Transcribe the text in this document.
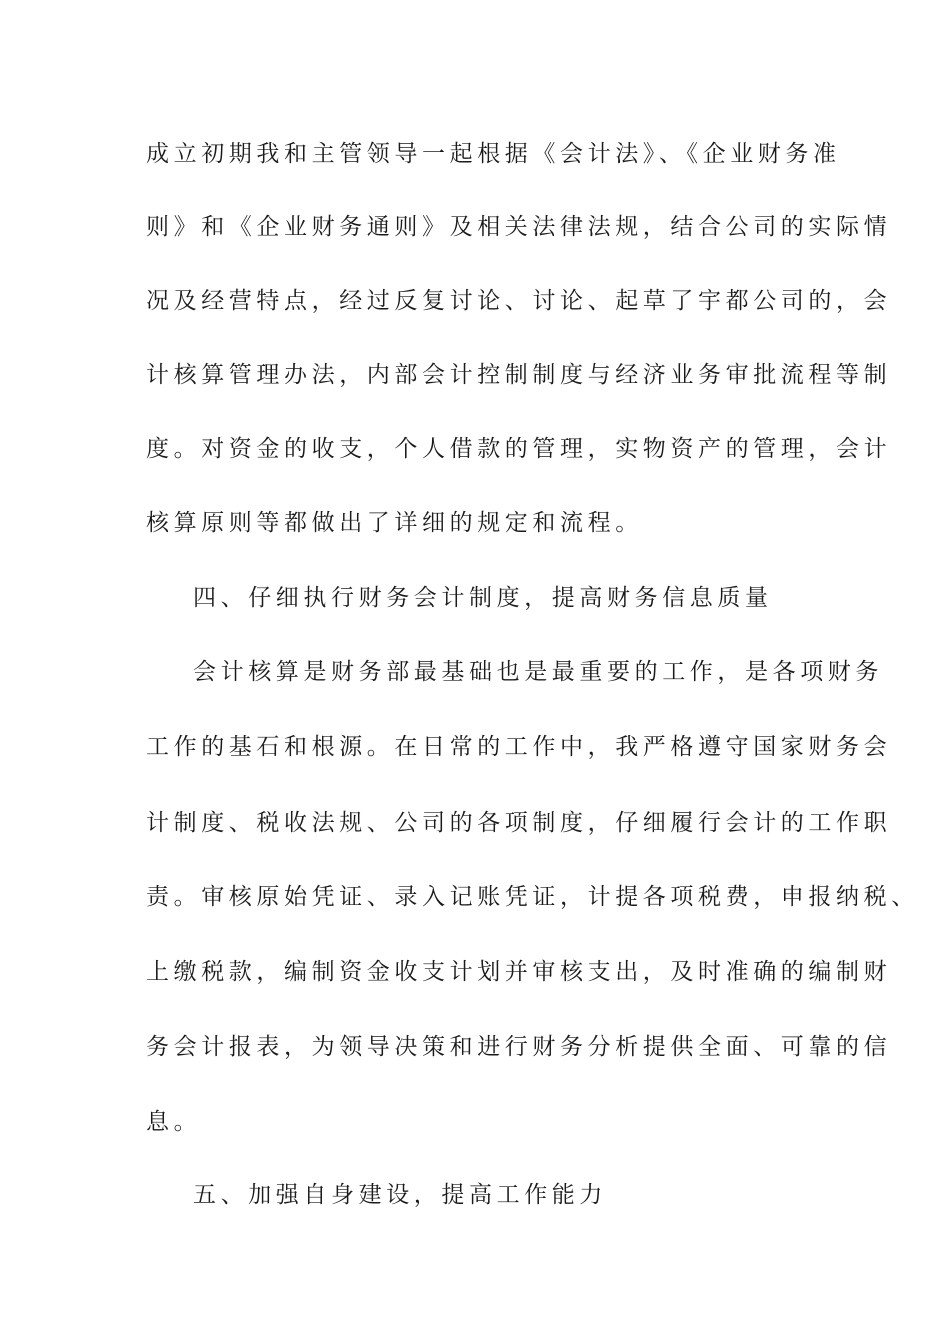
成立初期我和主管领导一起根据《会计法》、《企业财务准
则》和《企业财务通则》及相关法律法规，结合公司的实际情
况及经营特点，经过反复讨论、讨论、起草了宇都公司的，会
计核算管理办法，内部会计控制制度与经济业务审批流程等制
度。对资金的收支，个人借款的管理，实物资产的管理，会计
核算原则等都做出了详细的规定和流程。
四、仔细执行财务会计制度，提高财务信息质量
会计核算是财务部最基础也是最重要的工作，是各项财务
工作的基石和根源。在日常的工作中，我严格遵守国家财务会
计制度、税收法规、公司的各项制度，仔细履行会计的工作职
责。审核原始凭证、录入记账凭证，计提各项税费，申报纳税、
上缴税款，编制资金收支计划并审核支出，及时准确的编制财
务会计报表，为领导决策和进行财务分析提供全面、可靠的信
息。
五、加强自身建设，提高工作能力
